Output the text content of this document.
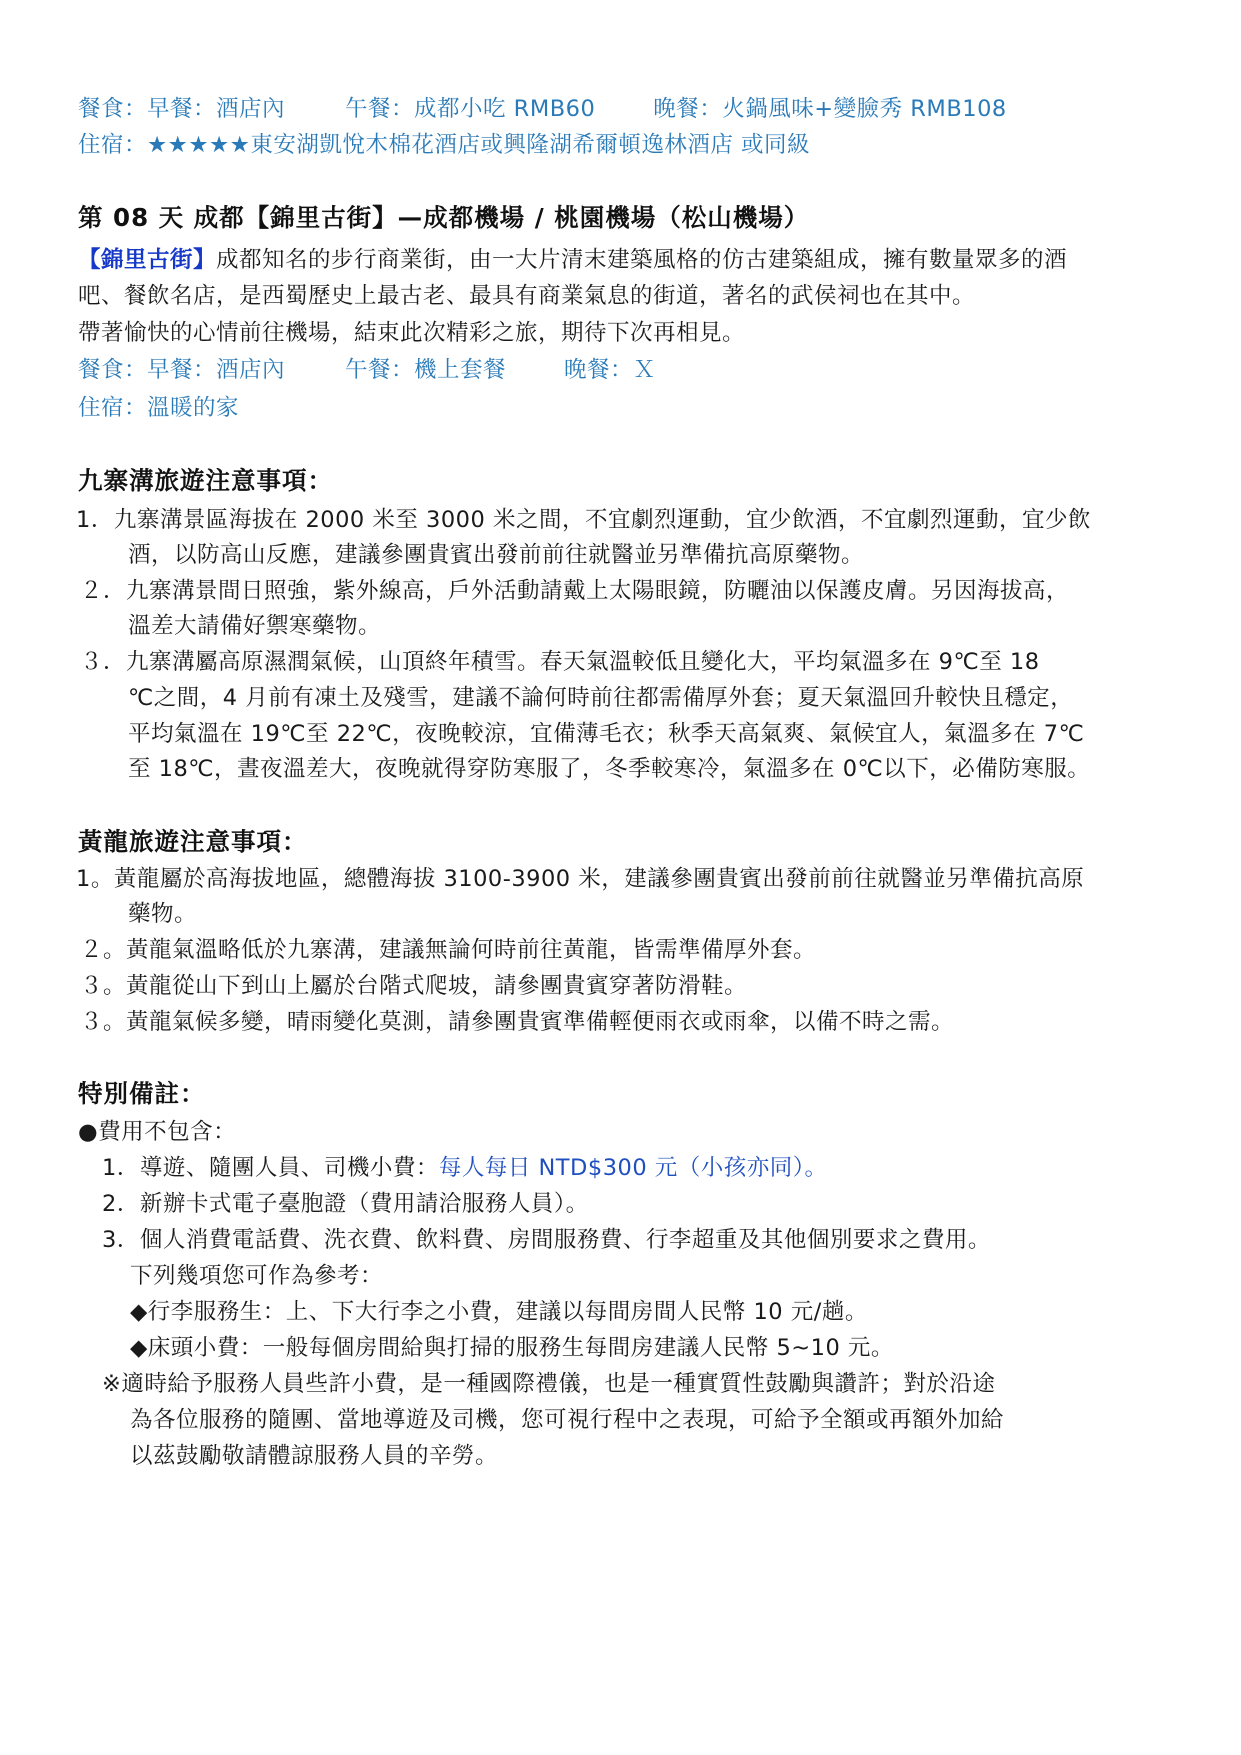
餐食：早餐：酒店內	午餐：成都小吃 RMB60	晚餐：火鍋風味+變臉秀 RMB108
住宿：★★★★★東安湖凱悅木棉花酒店或興隆湖希爾頓逸林酒店 或同級
第 08 天 成都【錦里古街】—成都機場 / 桃園機場（松山機場）
【錦里古街】成都知名的步行商業街，由一大片清末建築風格的仿古建築組成，擁有數量眾多的酒
吧、餐飲名店，是西蜀歷史上最古老、最具有商業氣息的街道，著名的武侯祠也在其中。
帶著愉快的心情前往機場，結束此次精彩之旅，期待下次再相見。
餐食：早餐：酒店內	午餐：機上套餐	晚餐：Ｘ
住宿：溫暖的家
九寨溝旅遊注意事項：
1．九寨溝景區海拔在 2000 米至 3000 米之間，不宜劇烈運動，宜少飲酒，不宜劇烈運動，宜少飲
酒，以防高山反應，建議參團貴賓出發前前往就醫並另準備抗高原藥物。
２．九寨溝景間日照強，紫外線高，戶外活動請戴上太陽眼鏡，防曬油以保護皮膚。另因海拔高，
溫差大請備好禦寒藥物。
３．九寨溝屬高原濕潤氣候，山頂終年積雪。春天氣溫較低且變化大，平均氣溫多在 9℃至 18
℃之間，4 月前有凍土及殘雪，建議不論何時前往都需備厚外套；夏天氣溫回升較快且穩定，
平均氣溫在 19℃至 22℃，夜晚較涼，宜備薄毛衣；秋季天高氣爽、氣候宜人，氣溫多在 7℃
至 18℃，晝夜溫差大，夜晚就得穿防寒服了，冬季較寒冷，氣溫多在 0℃以下，必備防寒服。
黃龍旅遊注意事項：
1。黃龍屬於高海拔地區，總體海拔 3100-3900 米，建議參團貴賓出發前前往就醫並另準備抗高原
藥物。
２。黃龍氣溫略低於九寨溝，建議無論何時前往黃龍，皆需準備厚外套。
３。黃龍從山下到山上屬於台階式爬坡，請參團貴賓穿著防滑鞋。
３。黃龍氣候多變，晴雨變化莫測，請參團貴賓準備輕便雨衣或雨傘，以備不時之需。
特別備註：
●費用不包含：
1．導遊、隨團人員、司機小費：每人每日 NTD$300 元（小孩亦同）。
2．新辦卡式電子臺胞證（費用請洽服務人員）。
3．個人消費電話費、洗衣費、飲料費、房間服務費、行李超重及其他個別要求之費用。
下列幾項您可作為參考：
◆行李服務生：上、下大行李之小費，建議以每間房間人民幣 10 元/趟。
◆床頭小費：一般每個房間給與打掃的服務生每間房建議人民幣 5~10 元。
※適時給予服務人員些許小費，是一種國際禮儀，也是一種實質性鼓勵與讚許；對於沿途
為各位服務的隨團、當地導遊及司機，您可視行程中之表現，可給予全額或再額外加給
以茲鼓勵敬請體諒服務人員的辛勞。
